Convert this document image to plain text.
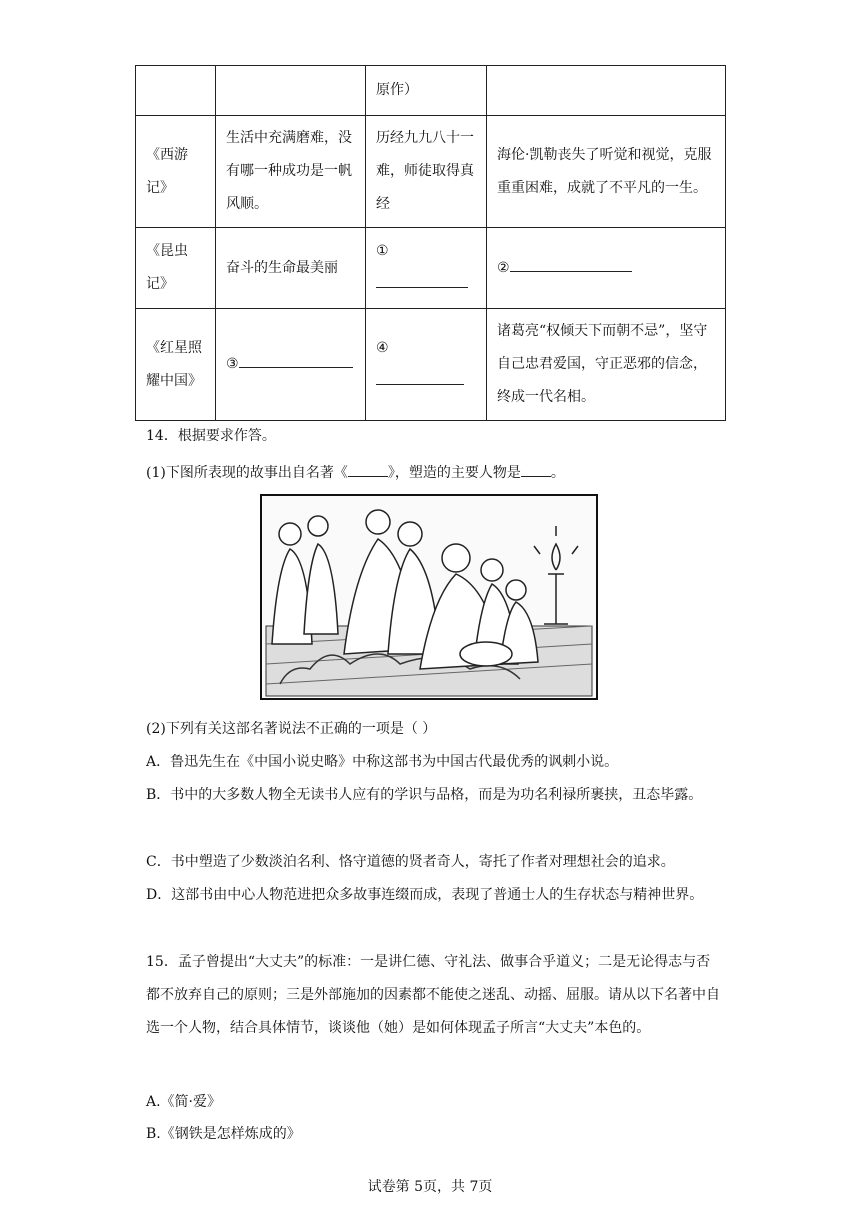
		原作）	
《西游记》	生活中充满磨难，没有哪一种成功是一帆风顺。	历经九九八十一难，师徒取得真经	海伦·凯勒丧失了听觉和视觉，克服重重困难，成就了不平凡的一生。
《昆虫记》	奋斗的生命最美丽	①	②
《红星照耀中国》	③	④	诸葛亮“权倾天下而朝不忌”，坚守自己忠君爱国，守正恶邪的信念，终成一代名相。
14．根据要求作答。
(1)下图所表现的故事出自名著《	》，塑造的主要人物是 。
(2)下列有关这部名著说法不正确的一项是（ ）
A．鲁迅先生在《中国小说史略》中称这部书为中国古代最优秀的讽刺小说。
B．书中的大多数人物全无读书人应有的学识与品格，而是为功名利禄所裹挟，丑态毕露。
C．书中塑造了少数淡泊名利、恪守道德的贤者奇人，寄托了作者对理想社会的追求。
D．这部书由中心人物范进把众多故事连缀而成，表现了普通士人的生存状态与精神世界。
15．孟子曾提出“大丈夫”的标准：一是讲仁德、守礼法、做事合乎道义；二是无论得志与否都不放弃自己的原则；三是外部施加的因素都不能使之迷乱、动摇、屈服。请从以下名著中自选一个人物，结合具体情节，谈谈他（她）是如何体现孟子所言“大丈夫”本色的。
A.《简·爱》
B.《钢铁是怎样炼成的》
试卷第 5页，共 7页
